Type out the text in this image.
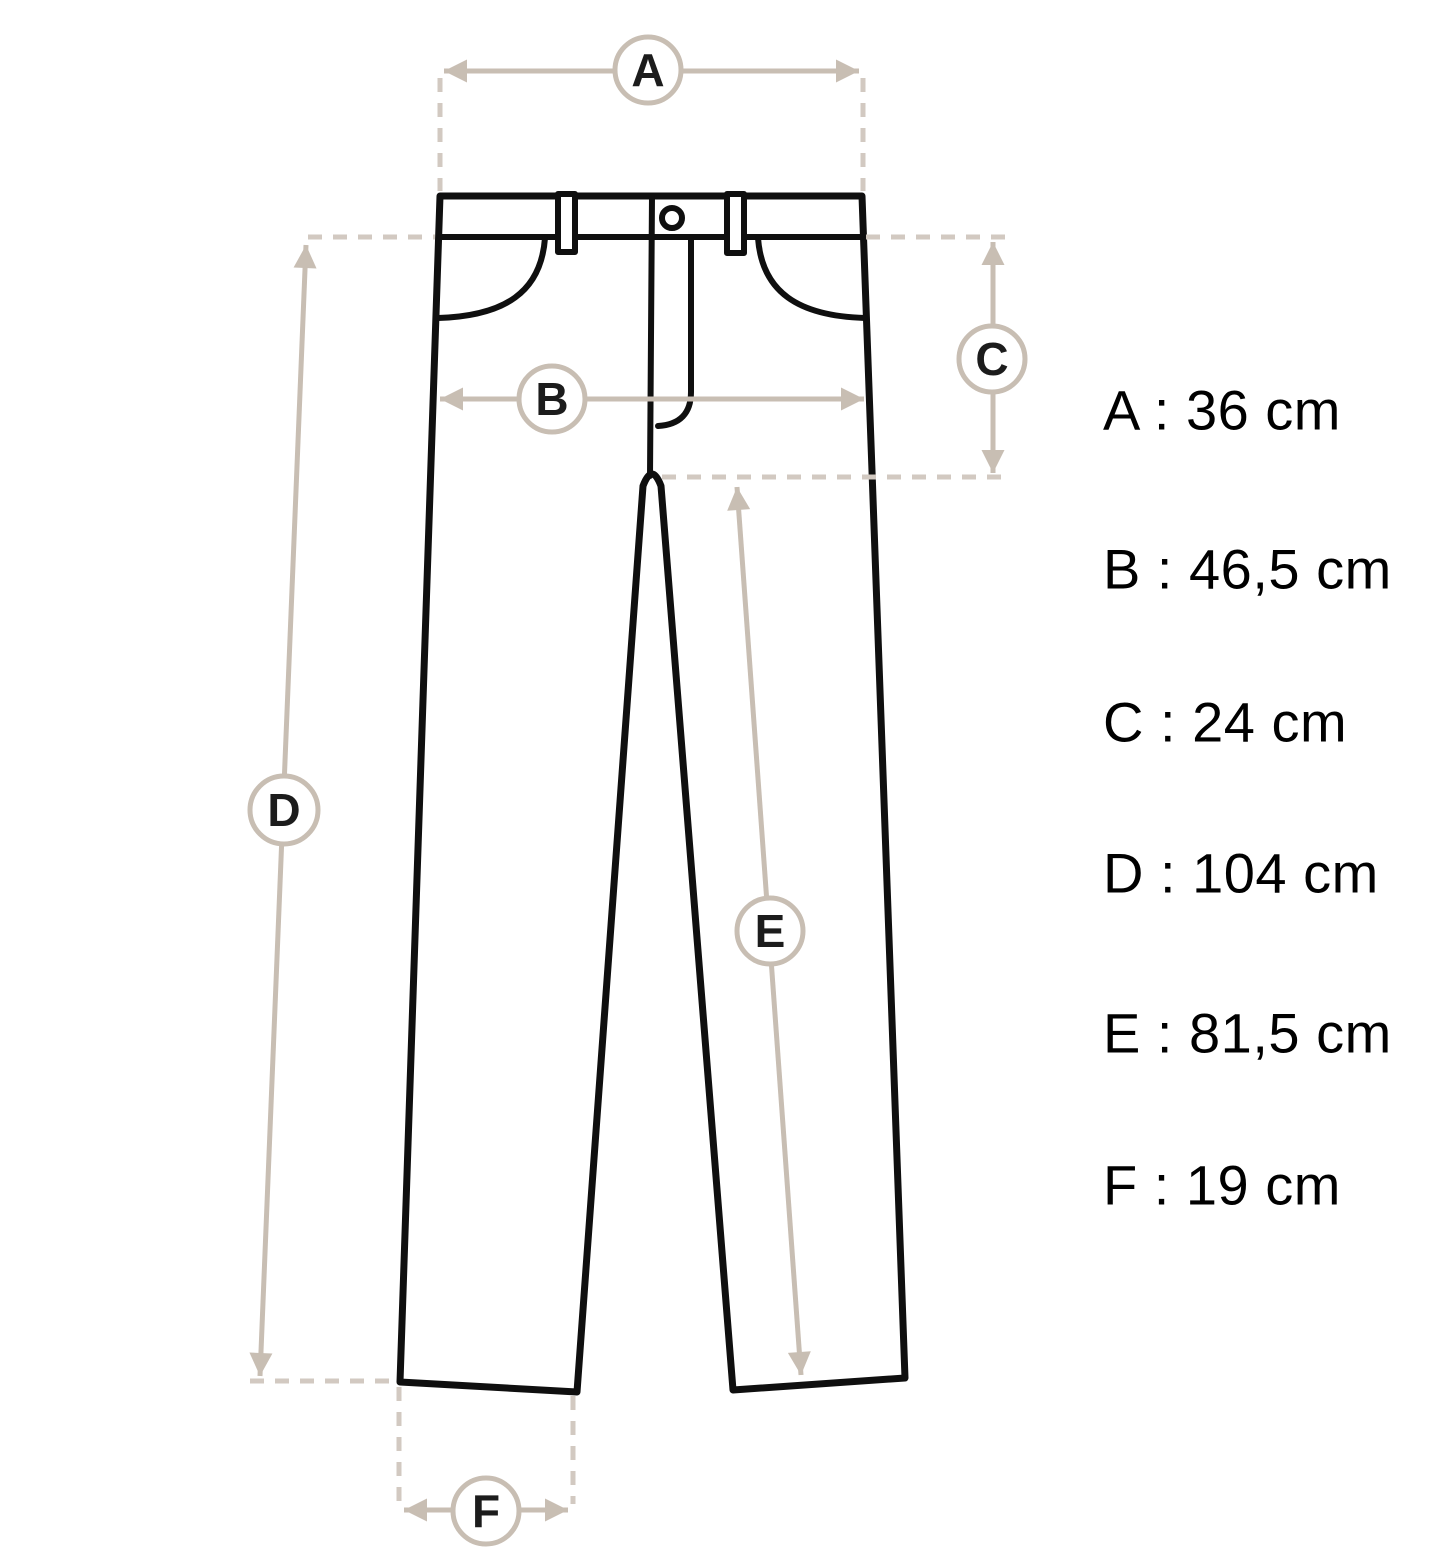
A
B
C
D
E
F
A : 36 cm
B : 46,5 cm
C : 24 cm
D : 104 cm
E : 81,5 cm
F : 19 cm
